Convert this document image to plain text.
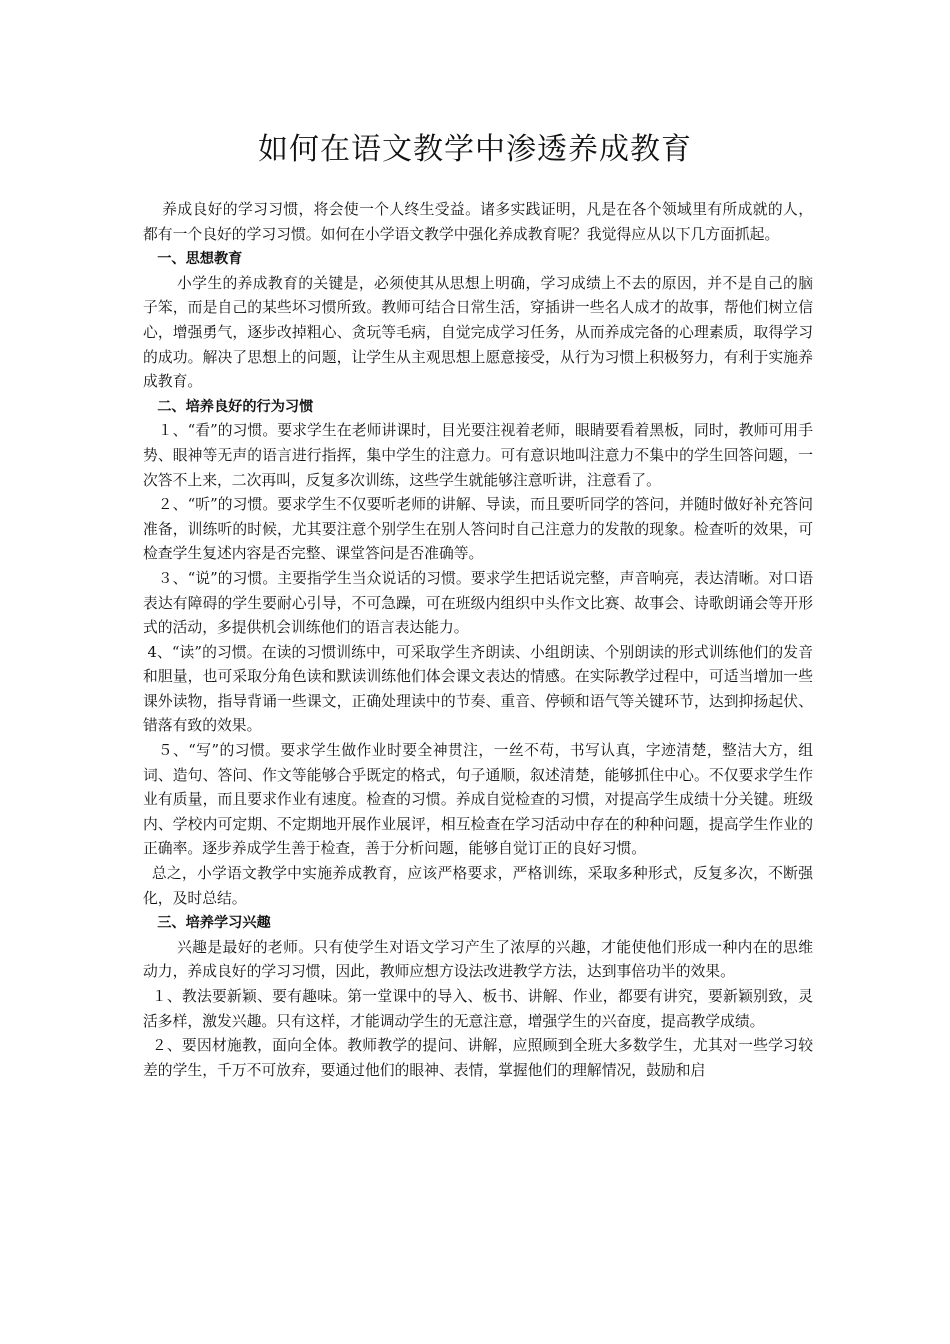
如何在语文教学中渗透养成教育

养成良好的学习习惯，将会使一个人终生受益。诸多实践证明，凡是在各个领域里有所成就的人，都有一个良好的学习习惯。如何在小学语文教学中强化养成教育呢？我觉得应从以下几方面抓起。

一、思想教育

小学生的养成教育的关键是，必须使其从思想上明确，学习成绩上不去的原因，并不是自己的脑子笨，而是自己的某些坏习惯所致。教师可结合日常生活，穿插讲一些名人成才的故事，帮他们树立信心，增强勇气，逐步改掉粗心、贪玩等毛病，自觉完成学习任务，从而养成完备的心理素质，取得学习的成功。解决了思想上的问题，让学生从主观思想上愿意接受，从行为习惯上积极努力，有利于实施养成教育。

二、培养良好的行为习惯

１、“看”的习惯。要求学生在老师讲课时，目光要注视着老师，眼睛要看着黑板，同时，教师可用手势、眼神等无声的语言进行指挥，集中学生的注意力。可有意识地叫注意力不集中的学生回答问题，一次答不上来，二次再叫，反复多次训练，这些学生就能够注意听讲，注意看了。

２、“听”的习惯。要求学生不仅要听老师的讲解、导读，而且要听同学的答问，并随时做好补充答问准备，训练听的时候，尤其要注意个别学生在别人答问时自己注意力的发散的现象。检查听的效果，可检查学生复述内容是否完整、课堂答问是否准确等。

３、“说”的习惯。主要指学生当众说话的习惯。要求学生把话说完整，声音响亮，表达清晰。对口语表达有障碍的学生要耐心引导，不可急躁，可在班级内组织中头作文比赛、故事会、诗歌朗诵会等开形式的活动，多提供机会训练他们的语言表达能力。

4、“读”的习惯。在读的习惯训练中，可采取学生齐朗读、小组朗读、个别朗读的形式训练他们的发音和胆量，也可采取分角色读和默读训练他们体会课文表达的情感。在实际教学过程中，可适当增加一些课外读物，指导背诵一些课文，正确处理读中的节奏、重音、停顿和语气等关键环节，达到抑扬起伏、错落有致的效果。

５、“写”的习惯。要求学生做作业时要全神贯注，一丝不苟，书写认真，字迹清楚，整洁大方，组词、造句、答问、作文等能够合乎既定的格式，句子通顺，叙述清楚，能够抓住中心。不仅要求学生作业有质量，而且要求作业有速度。检查的习惯。养成自觉检查的习惯，对提高学生成绩十分关键。班级内、学校内可定期、不定期地开展作业展评，相互检查在学习活动中存在的种种问题，提高学生作业的正确率。逐步养成学生善于检查，善于分析问题，能够自觉订正的良好习惯。

总之，小学语文教学中实施养成教育，应该严格要求，严格训练，采取多种形式，反复多次，不断强化，及时总结。

三、培养学习兴趣

兴趣是最好的老师。只有使学生对语文学习产生了浓厚的兴趣，才能使他们形成一种内在的思维动力，养成良好的学习习惯，因此，教师应想方设法改进教学方法，达到事倍功半的效果。

１、教法要新颖、要有趣味。第一堂课中的导入、板书、讲解、作业，都要有讲究，要新颖别致，灵活多样，激发兴趣。只有这样，才能调动学生的无意注意，增强学生的兴奋度，提高教学成绩。

２、要因材施教，面向全体。教师教学的提问、讲解，应照顾到全班大多数学生，尤其对一些学习较差的学生，千万不可放弃，要通过他们的眼神、表情，掌握他们的理解情况，鼓励和启
